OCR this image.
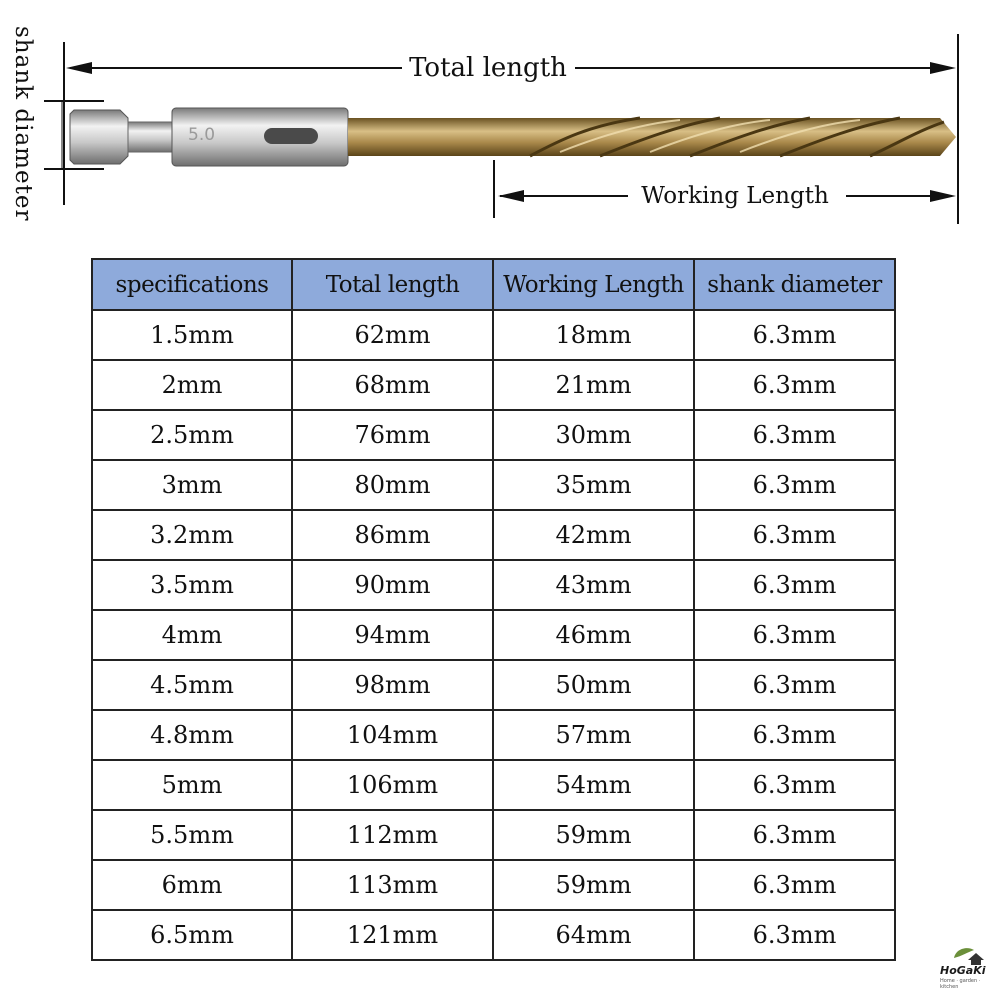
Total length
5.0
Working Length
shank diameter
specifications	Total length	Working Length	shank diameter
1.5mm	62mm	18mm	6.3mm
2mm	68mm	21mm	6.3mm
2.5mm	76mm	30mm	6.3mm
3mm	80mm	35mm	6.3mm
3.2mm	86mm	42mm	6.3mm
3.5mm	90mm	43mm	6.3mm
4mm	94mm	46mm	6.3mm
4.5mm	98mm	50mm	6.3mm
4.8mm	104mm	57mm	6.3mm
5mm	106mm	54mm	6.3mm
5.5mm	112mm	59mm	6.3mm
6mm	113mm	59mm	6.3mm
6.5mm	121mm	64mm	6.3mm
HoGaKi
Home · garden · kitchen
